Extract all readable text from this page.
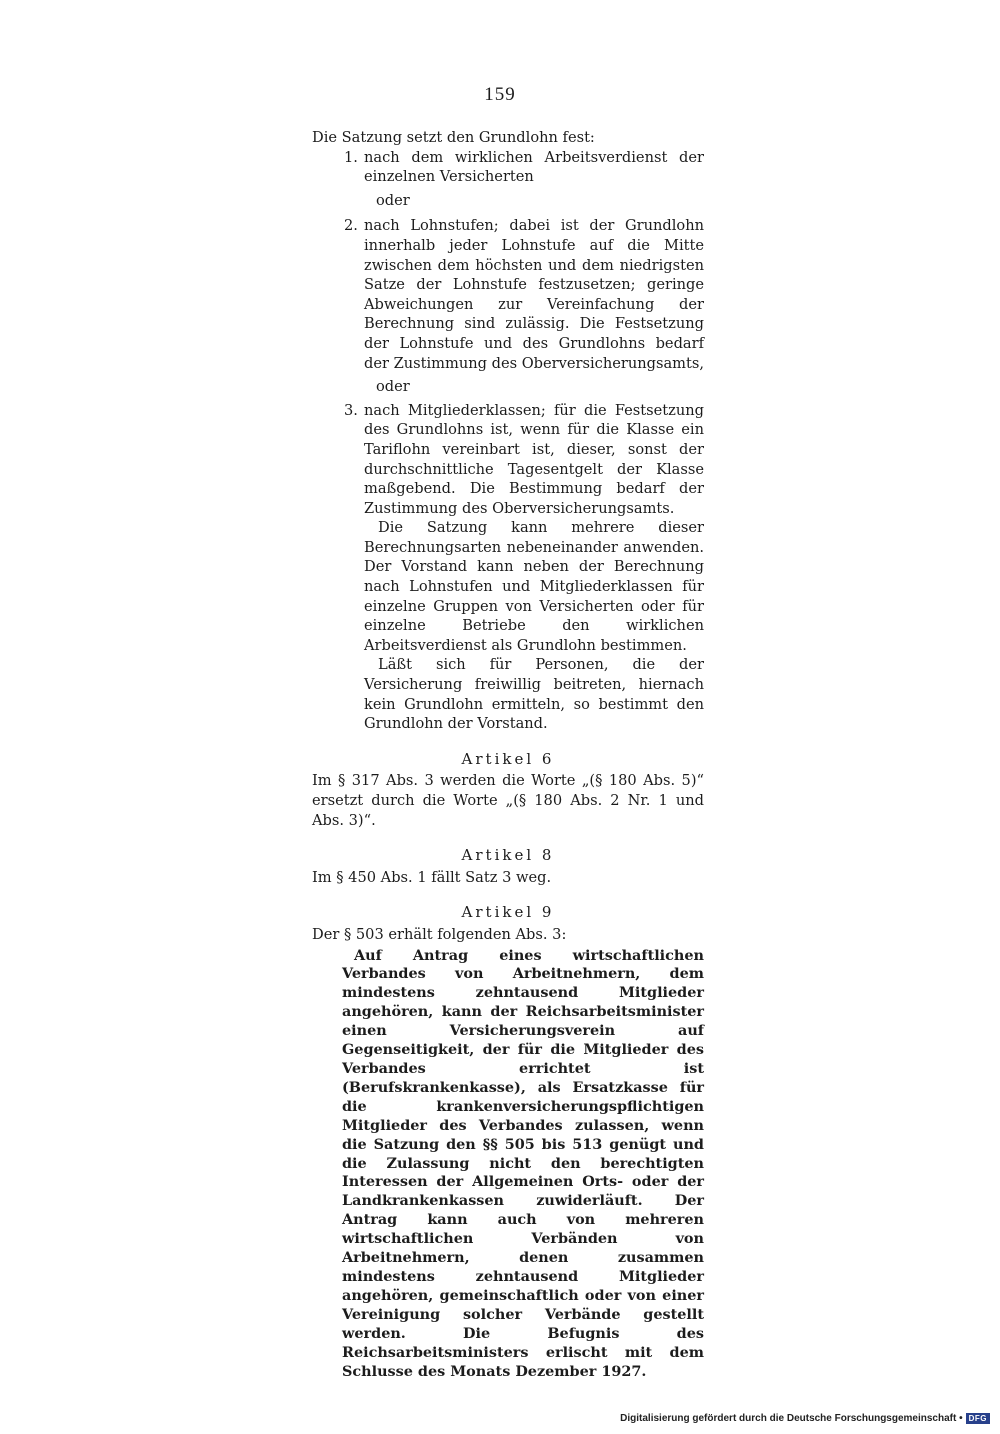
159

Die Satzung setzt den Grundlohn fest:

1. nach dem wirklichen Arbeitsverdienst der einzelnen Versicherten

oder

2. nach Lohnstufen; dabei ist der Grundlohn innerhalb jeder Lohnstufe auf die Mitte zwischen dem höchsten und dem niedrigsten Satze der Lohnstufe festzusetzen; geringe Abweichungen zur Vereinfachung der Berechnung sind zulässig. Die Festsetzung der Lohnstufe und des Grundlohns bedarf der Zustimmung des Oberversicherungsamts,

oder

3. nach Mitgliederklassen; für die Festsetzung des Grundlohns ist, wenn für die Klasse ein Tariflohn vereinbart ist, dieser, sonst der durchschnittliche Tagesentgelt der Klasse maßgebend. Die Bestimmung bedarf der Zustimmung des Oberversicherungsamts.

Die Satzung kann mehrere dieser Berechnungsarten nebeneinander anwenden. Der Vorstand kann neben der Berechnung nach Lohnstufen und Mitgliederklassen für einzelne Gruppen von Versicherten oder für einzelne Betriebe den wirklichen Arbeitsverdienst als Grundlohn bestimmen.

Läßt sich für Personen, die der Versicherung freiwillig beitreten, hiernach kein Grundlohn ermitteln, so bestimmt den Grundlohn der Vorstand.

Artikel 6

Im § 317 Abs. 3 werden die Worte „(§ 180 Abs. 5)“ ersetzt durch die Worte „(§ 180 Abs. 2 Nr. 1 und Abs. 3)“.

Artikel 8

Im § 450 Abs. 1 fällt Satz 3 weg.

Artikel 9

Der § 503 erhält folgenden Abs. 3:

Auf Antrag eines wirtschaftlichen Verbandes von Arbeitnehmern, dem mindestens zehntausend Mitglieder angehören, kann der Reichsarbeitsminister einen Versicherungsverein auf Gegenseitigkeit, der für die Mitglieder des Verbandes errichtet ist (Berufskrankenkasse), als Ersatzkasse für die krankenversicherungspflichtigen Mitglieder des Verbandes zulassen, wenn die Satzung den §§ 505 bis 513 genügt und die Zulassung nicht den berechtigten Interessen der Allgemeinen Orts- oder der Landkrankenkassen zuwiderläuft. Der Antrag kann auch von mehreren wirtschaftlichen Verbänden von Arbeitnehmern, denen zusammen mindestens zehntausend Mitglieder angehören, gemeinschaftlich oder von einer Vereinigung solcher Verbände gestellt werden. Die Befugnis des Reichsarbeitsministers erlischt mit dem Schlusse des Monats Dezember 1927.

Digitalisierung gefördert durch die Deutsche Forschungsgemeinschaft • DFG
